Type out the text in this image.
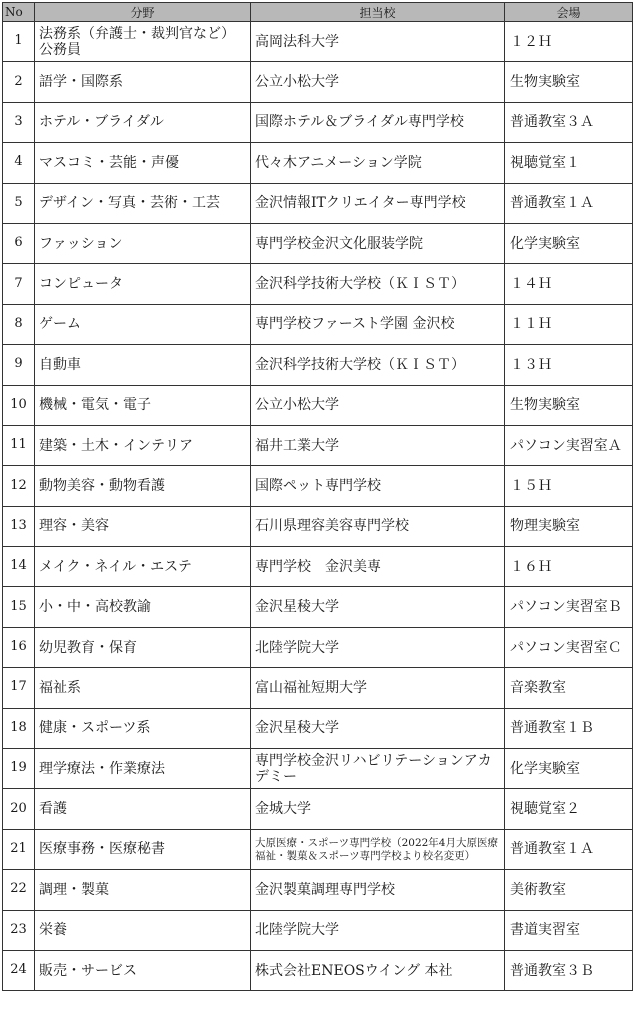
No	分野	担当校	会場
1	法務系（弁護士・裁判官など）公務員	高岡法科大学	１２Ｈ
2	語学・国際系	公立小松大学	生物実験室
3	ホテル・ブライダル	国際ホテル＆ブライダル専門学校	普通教室３Ａ
4	マスコミ・芸能・声優	代々木アニメーション学院	視聴覚室１
5	デザイン・写真・芸術・工芸	金沢情報ITクリエイター専門学校	普通教室１Ａ
6	ファッション	専門学校金沢文化服装学院	化学実験室
7	コンピュータ	金沢科学技術大学校（ＫＩＳＴ）	１４Ｈ
8	ゲーム	専門学校ファースト学園 金沢校	１１Ｈ
9	自動車	金沢科学技術大学校（ＫＩＳＴ）	１３Ｈ
10	機械・電気・電子	公立小松大学	生物実験室
11	建築・土木・インテリア	福井工業大学	パソコン実習室Ａ
12	動物美容・動物看護	国際ペット専門学校	１５Ｈ
13	理容・美容	石川県理容美容専門学校	物理実験室
14	メイク・ネイル・エステ	専門学校　金沢美専	１６Ｈ
15	小・中・高校教諭	金沢星稜大学	パソコン実習室Ｂ
16	幼児教育・保育	北陸学院大学	パソコン実習室Ｃ
17	福祉系	富山福祉短期大学	音楽教室
18	健康・スポーツ系	金沢星稜大学	普通教室１Ｂ
19	理学療法・作業療法	専門学校金沢リハビリテーションアカデミー	化学実験室
20	看護	金城大学	視聴覚室２
21	医療事務・医療秘書	大原医療・スポーツ専門学校（2022年4月大原医療福祉・製菓＆スポーツ専門学校より校名変更）	普通教室１Ａ
22	調理・製菓	金沢製菓調理専門学校	美術教室
23	栄養	北陸学院大学	書道実習室
24	販売・サービス	株式会社ENEOSウイング 本社	普通教室３Ｂ
